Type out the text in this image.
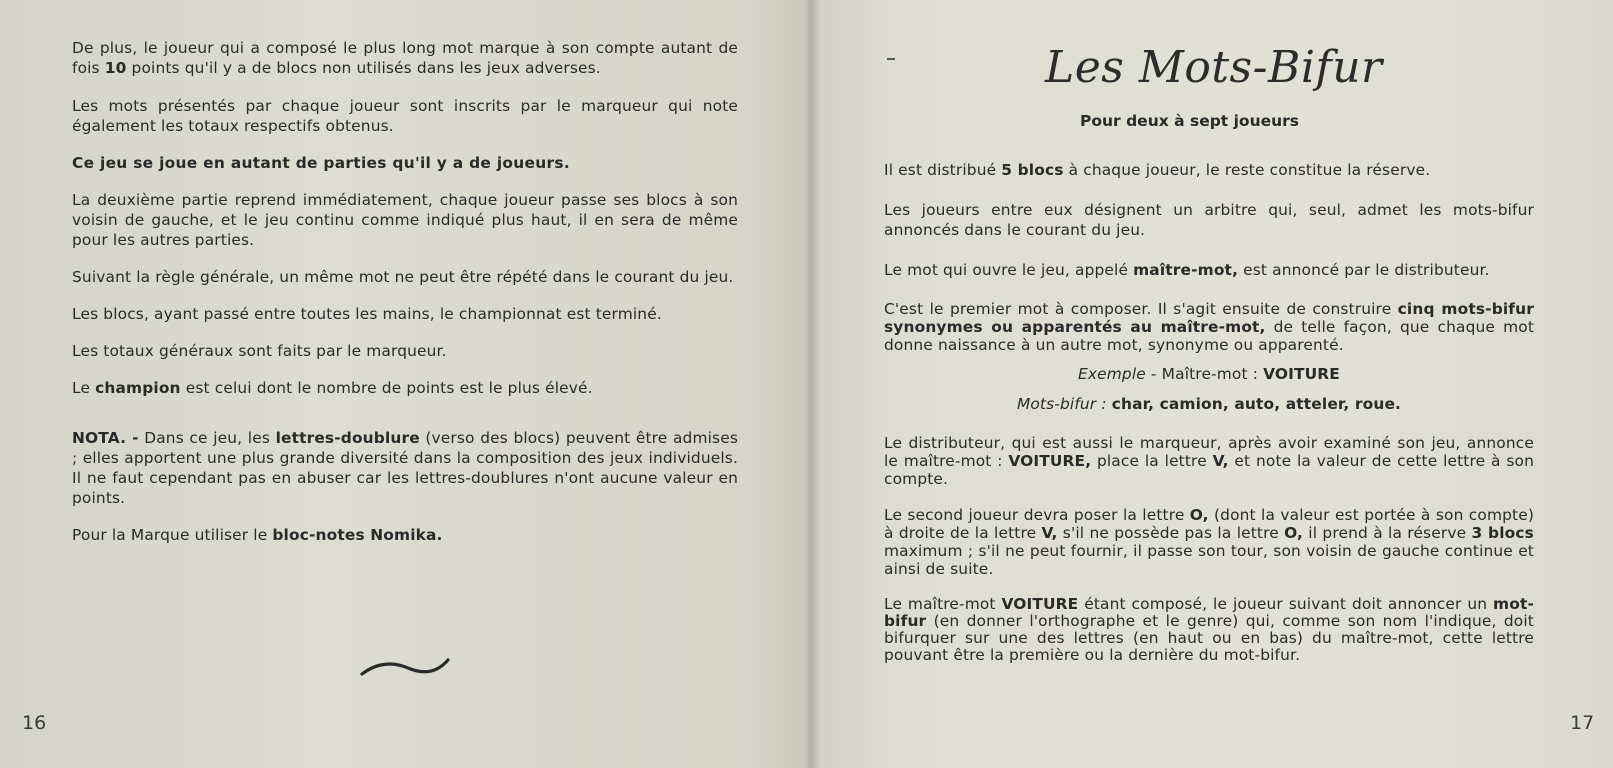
De plus, le joueur qui a composé le plus long mot marque à son compte autant de fois 10 points qu'il y a de blocs non utilisés dans les jeux adverses.

Les mots présentés par chaque joueur sont inscrits par le marqueur qui note également les totaux respectifs obtenus.

Ce jeu se joue en autant de parties qu'il y a de joueurs.

La deuxième partie reprend immédiatement, chaque joueur passe ses blocs à son voisin de gauche, et le jeu continu comme indiqué plus haut, il en sera de même pour les autres parties.

Suivant la règle générale, un même mot ne peut être répété dans le courant du jeu.

Les blocs, ayant passé entre toutes les mains, le championnat est terminé.

Les totaux généraux sont faits par le marqueur.

Le champion est celui dont le nombre de points est le plus élevé.

NOTA. - Dans ce jeu, les lettres-doublure (verso des blocs) peuvent être admises ; elles apportent une plus grande diversité dans la composition des jeux individuels. Il ne faut cependant pas en abuser car les lettres-doublures n'ont aucune valeur en points.

Pour la Marque utiliser le bloc-notes Nomika.

16
Les Mots-Bifur
Pour deux à sept joueurs

Il est distribué 5 blocs à chaque joueur, le reste constitue la réserve.

Les joueurs entre eux désignent un arbitre qui, seul, admet les mots-bifur annoncés dans le courant du jeu.

Le mot qui ouvre le jeu, appelé maître-mot, est annoncé par le distributeur.

C'est le premier mot à composer. Il s'agit ensuite de construire cinq mots-bifur synonymes ou apparentés au maître-mot, de telle façon, que chaque mot donne naissance à un autre mot, synonyme ou apparenté.

Exemple - Maître-mot : VOITURE

Mots-bifur : char, camion, auto, atteler, roue.

Le distributeur, qui est aussi le marqueur, après avoir examiné son jeu, annonce le maître-mot : VOITURE, place la lettre V, et note la valeur de cette lettre à son compte.

Le second joueur devra poser la lettre O, (dont la valeur est portée à son compte) à droite de la lettre V, s'il ne possède pas la lettre O, il prend à la réserve 3 blocs maximum ; s'il ne peut fournir, il passe son tour, son voisin de gauche continue et ainsi de suite.

Le maître-mot VOITURE étant composé, le joueur suivant doit annoncer un mot- bifur (en donner l'orthographe et le genre) qui, comme son nom l'indique, doit bifurquer sur une des lettres (en haut ou en bas) du maître-mot, cette lettre pouvant être la première ou la dernière du mot-bifur.

17
